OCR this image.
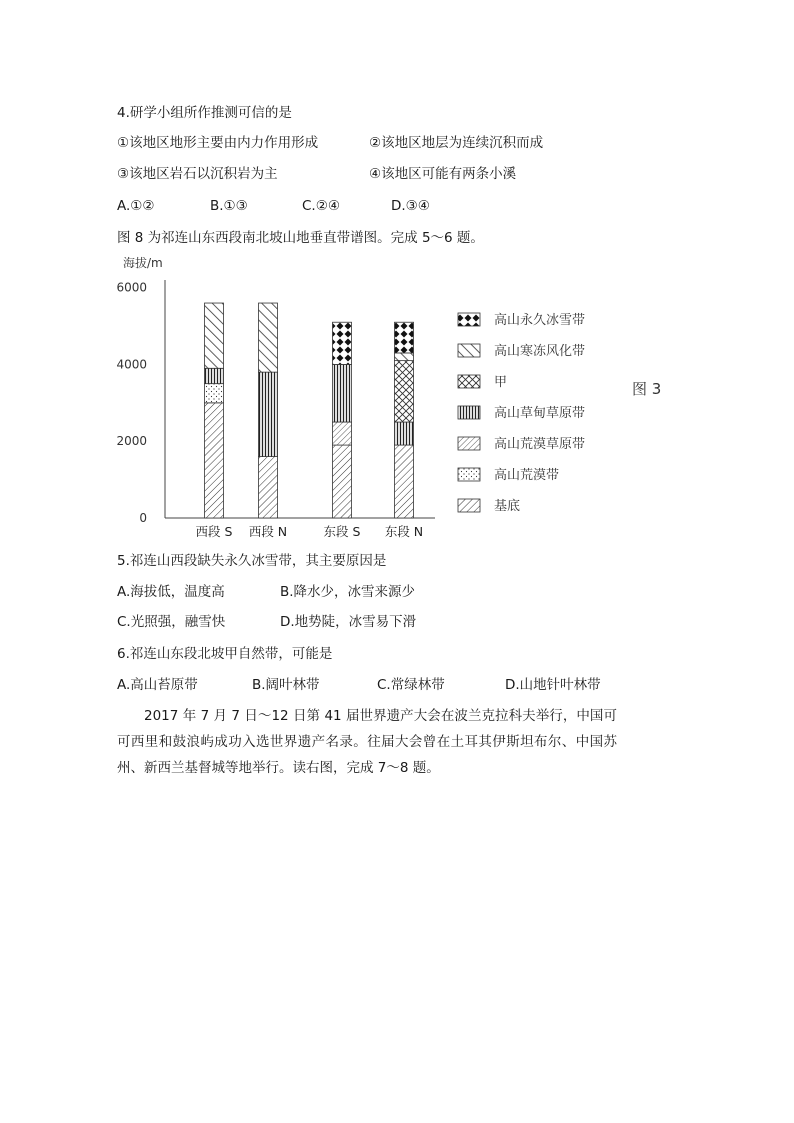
4.研学小组所作推测可信的是
①该地区地形主要由内力作用形成	②该地区地层为连续沉积而成
③该地区岩石以沉积岩为主	④该地区可能有两条小溪
A.①②	B.①③	C.②④	D.③④
图 8 为祁连山东西段南北坡山地垂直带谱图。完成 5～6 题。
海拔/m
0
2000
4000
6000
西段 S 西段 N	东段 S 东段 N
高山永久冰雪带
高山寒冻风化带
甲
高山草甸草原带
高山荒漠草原带
高山荒漠带
基底
图 3
5.祁连山西段缺失永久冰雪带，其主要原因是
A.海拔低，温度高	B.降水少，冰雪来源少
C.光照强，融雪快	D.地势陡，冰雪易下滑
6.祁连山东段北坡甲自然带，可能是
A.高山苔原带	B.阔叶林带	C.常绿林带	D.山地针叶林带
2017 年 7 月 7 日～12 日第 41 届世界遗产大会在波兰克拉科夫举行，中国可可西里和鼓浪屿成功入选世界遗产名录。往届大会曾在土耳其伊斯坦布尔、中国苏州、新西兰基督城等地举行。读右图，完成 7～8 题。
